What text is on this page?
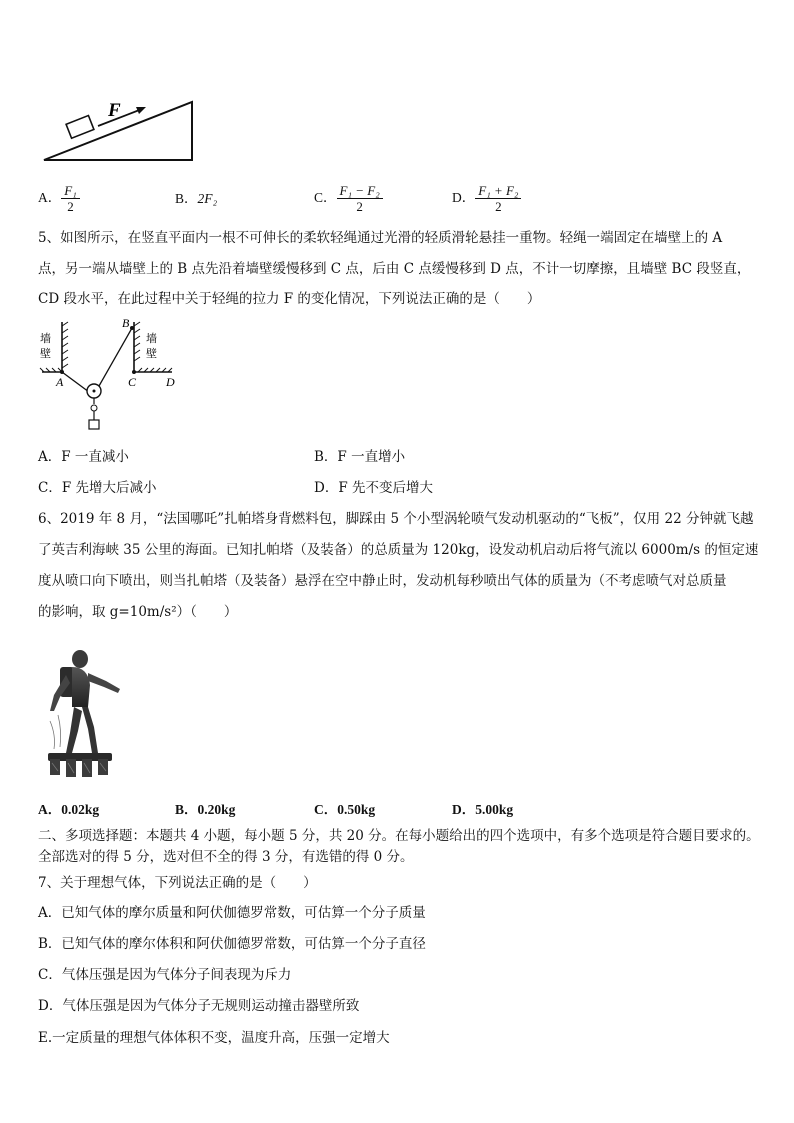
F
A． $\frac{\text{F₁}}{2}$	B．2F₂	C． $\frac{\text{F₁ − F₂}}{2}$	D． $\frac{\text{F₁ + F₂}}{2}$
5、如图所示，在竖直平面内一根不可伸长的柔软轻绳通过光滑的轻质滑轮悬挂一重物。轻绳一端固定在墙壁上的 A
点，另一端从墙壁上的 B 点先沿着墙壁缓慢移到 C 点，后由 C 点缓慢移到 D 点，不计一切摩擦，且墙壁 BC 段竖直，
CD 段水平，在此过程中关于轻绳的拉力 F 的变化情况，下列说法正确的是（　　）
墙
壁
墙
壁
A
B
C D
A．F 一直减小	B．F 一直增小
C．F 先增大后减小	D．F 先不变后增大
6、2019 年 8 月，“法国哪吒”扎帕塔身背燃料包，脚踩由 5 个小型涡轮喷气发动机驱动的“飞板”，仅用 22 分钟就飞越
了英吉利海峡 35 公里的海面。已知扎帕塔（及装备）的总质量为 120kg，设发动机启动后将气流以 6000m/s 的恒定速
度从喷口向下喷出，则当扎帕塔（及装备）悬浮在空中静止时，发动机每秒喷出气体的质量为（不考虑喷气对总质量
的影响，取 g=10m/s²）（　　）
A．0.02kg	B．0.20kg	C．0.50kg	D．5.00kg
二、多项选择题：本题共 4 小题，每小题 5 分，共 20 分。在每小题给出的四个选项中，有多个选项是符合题目要求的。
全部选对的得 5 分，选对但不全的得 3 分，有选错的得 0 分。
7、关于理想气体，下列说法正确的是（　　）
A．已知气体的摩尔质量和阿伏伽德罗常数，可估算一个分子质量
B．已知气体的摩尔体积和阿伏伽德罗常数，可估算一个分子直径
C．气体压强是因为气体分子间表现为斥力
D．气体压强是因为气体分子无规则运动撞击器壁所致
E.一定质量的理想气体体积不变，温度升高，压强一定增大
